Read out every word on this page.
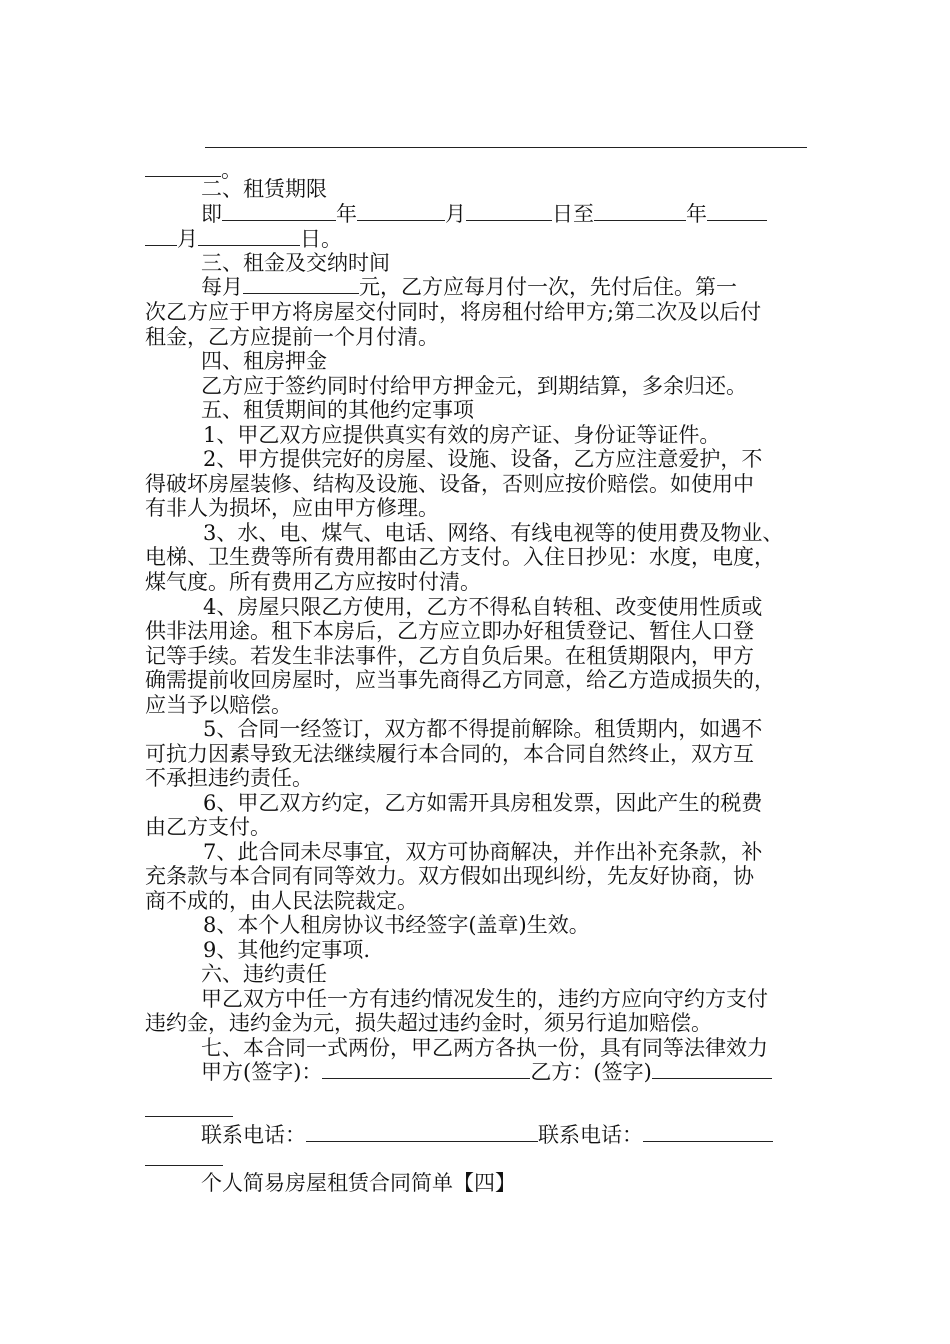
。
二、租赁期限
即	年	月	日至	年
月	日。
三、租金及交纳时间
每月	元，乙方应每月付一次，先付后住。第一
次乙方应于甲方将房屋交付同时，将房租付给甲方;第二次及以后付
租金，乙方应提前一个月付清。
四、租房押金
乙方应于签约同时付给甲方押金元，到期结算，多余归还。
五、租赁期间的其他约定事项
1、甲乙双方应提供真实有效的房产证、身份证等证件。
2、甲方提供完好的房屋、设施、设备，乙方应注意爱护，不
得破坏房屋装修、结构及设施、设备，否则应按价赔偿。如使用中
有非人为损坏，应由甲方修理。
3、水、电、煤气、电话、网络、有线电视等的使用费及物业、
电梯、卫生费等所有费用都由乙方支付。入住日抄见：水度，电度，
煤气度。所有费用乙方应按时付清。
4、房屋只限乙方使用，乙方不得私自转租、改变使用性质或
供非法用途。租下本房后，乙方应立即办好租赁登记、暂住人口登
记等手续。若发生非法事件，乙方自负后果。在租赁期限内，甲方
确需提前收回房屋时，应当事先商得乙方同意，给乙方造成损失的，
应当予以赔偿。
5、合同一经签订，双方都不得提前解除。租赁期内，如遇不
可抗力因素导致无法继续履行本合同的，本合同自然终止，双方互
不承担违约责任。
6、甲乙双方约定，乙方如需开具房租发票，因此产生的税费
由乙方支付。
7、此合同未尽事宜，双方可协商解决，并作出补充条款，补
充条款与本合同有同等效力。双方假如出现纠纷，先友好协商，协
商不成的，由人民法院裁定。
8、本个人租房协议书经签字(盖章)生效。
9、其他约定事项.
六、违约责任
甲乙双方中任一方有违约情况发生的，违约方应向守约方支付
违约金，违约金为元，损失超过违约金时，须另行追加赔偿。
七、本合同一式两份，甲乙两方各执一份，具有同等法律效力
甲方(签字)：	乙方：(签字)
联系电话：	联系电话：
个人简易房屋租赁合同简单【四】
